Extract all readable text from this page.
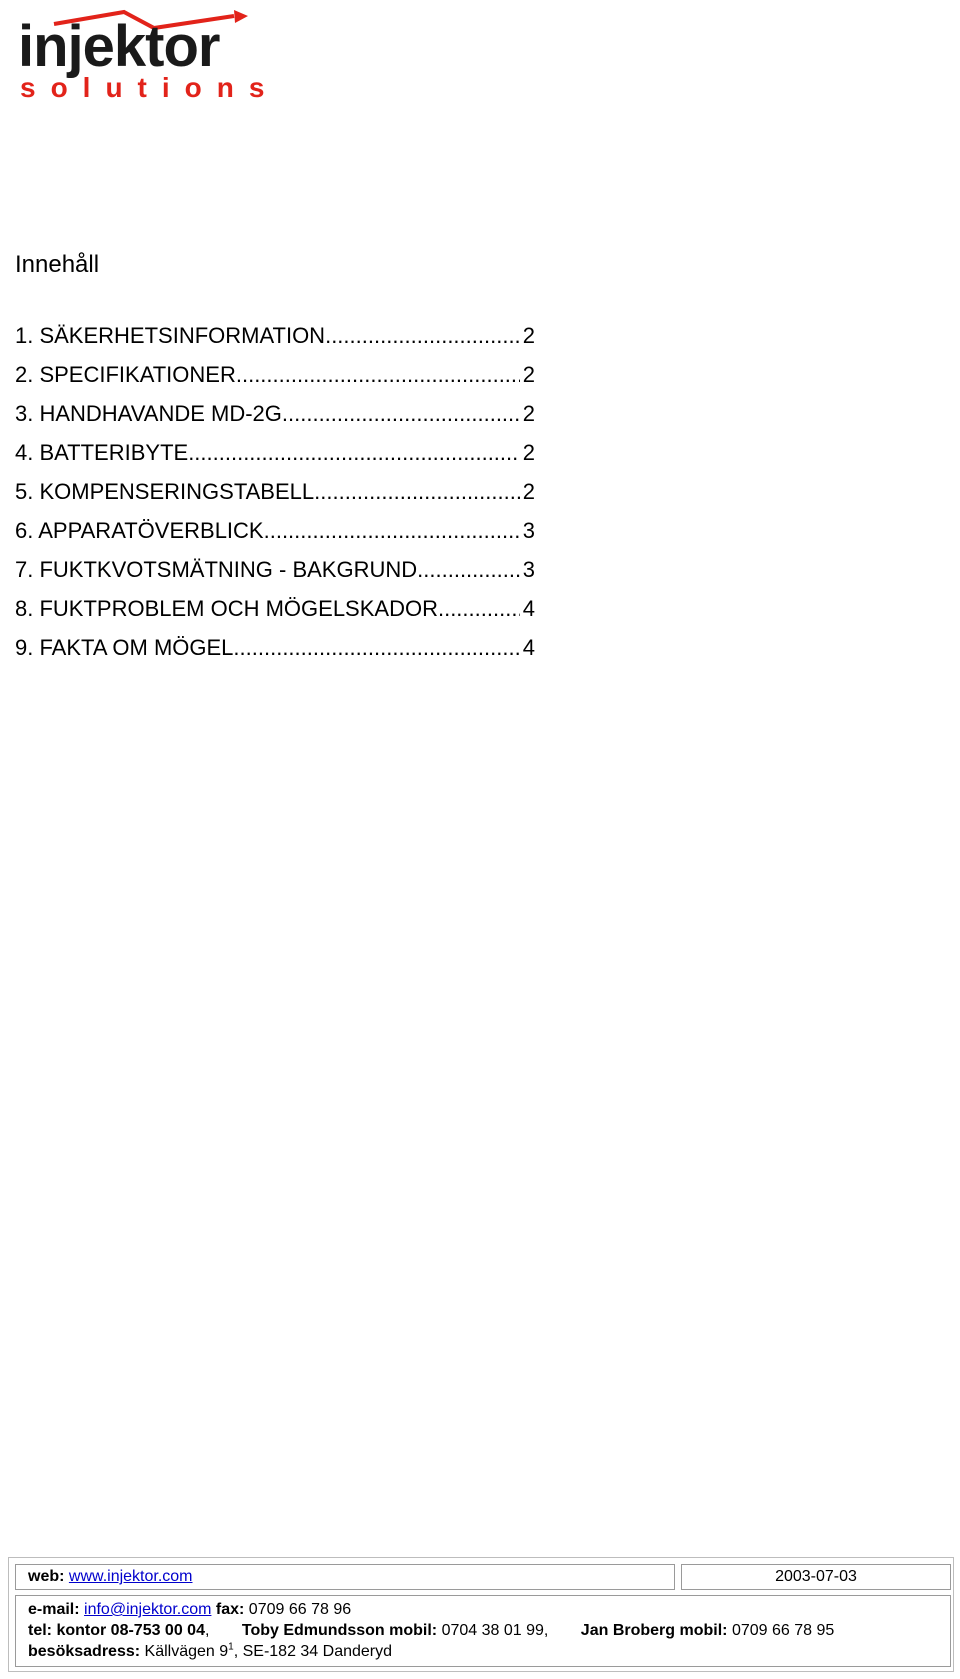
injektor
solutions
Innehåll
1. SÄKERHETSINFORMATION .....	2
2. SPECIFIKATIONER .....	2
3. HANDHAVANDE MD-2G .....	2
4. BATTERIBYTE .....	2
5. KOMPENSERINGSTABELL .....	2
6. APPARATÖVERBLICK .....	3
7. FUKTKVOTSMÄTNING - BAKGRUND .....	3
8. FUKTPROBLEM OCH MÖGELSKADOR .....	4
9. FAKTA OM MÖGEL .....	4
web: www.injektor.com	2003-07-03
e-mail: info@injektor.com fax: 0709 66 78 96
tel: kontor 08-753 00 04, Toby Edmundsson mobil: 0704 38 01 99, Jan Broberg mobil: 0709 66 78 95
besöksadress: Källvägen $9^1$, SE-182 34 Danderyd
